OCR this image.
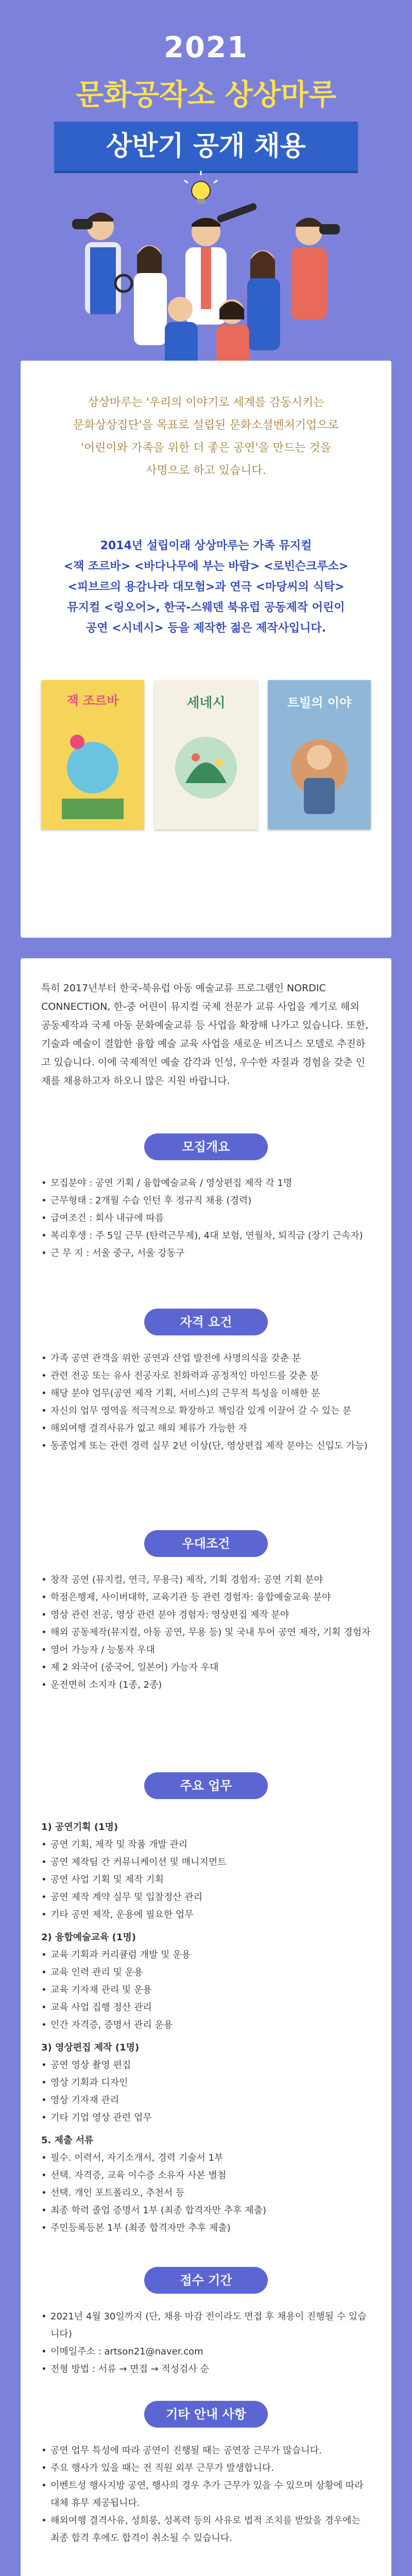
2021
문화공작소 상상마루
상반기 공개 채용
상상마루는 '우리의 이야기로 세계를 감동시키는
문화상상집단'을 목표로 설립된 문화소셜벤처기업으로
'어린이와 가족을 위한 더 좋은 공연'을 만드는 것을
사명으로 하고 있습니다.
2014년 설립이래 상상마루는 가족 뮤지컬
<잭 조르바> <바다나무에 부는 바람> <로빈슨크루소>
<피브르의 용감나라 대모험>과 연극 <마당씨의 식탁>
뮤지컬 <링오어>, 한국-스웨덴 북유럽 공동제작 어린이
공연 <시네시> 등을 제작한 젊은 제작사입니다.
잭 조르바	세네시	트빌의 이야
특히 2017년부터 한국-북유럽 아동 예술교류 프로그램인 NORDIC CONNECTION, 한-중 어린이 뮤지컬 국제 전문가 교류 사업을 계기로 해외 공동제작과 국제 아동 문화예술교류 등 사업을 확장해 나가고 있습니다. 또한, 기술과 예술이 결합한 융합 예술 교육 사업을 새로운 비즈니스 모델로 추진하고 있습니다. 이에 국제적인 예술 감각과 인성, 우수한 자질과 경험을 갖춘 인재를 채용하고자 하오니 많은 지원 바랍니다.
모집개요
• 모집분야 : 공연 기획 / 융합예술교육 / 영상편집 제작 각 1명
• 근무형태 : 2개월 수습 인턴 후 정규직 채용 (경력)
• 급여조건 : 회사 내규에 따름
• 복리후생 : 주 5일 근무 (탄력근무제), 4대 보험, 연월차, 퇴직금 (장기 근속자)
• 근 무 지 : 서울 중구, 서울 강동구
자격 요건
• 가족 공연 관객을 위한 공연과 산업 발전에 사명의식을 갖춘 분
• 관련 전공 또는 유사 전공자로 친화력과 공정적인 마인드를 갖춘 분
• 해당 분야 업무(공연 제작 기획, 서비스)의 근무적 특성을 이해한 분
• 자신의 업무 영역을 적극적으로 확장하고 책임감 있게 이끌어 갈 수 있는 분
• 해외여행 결격사유가 없고 해외 체류가 가능한 자
• 동종업계 또는 관련 경력 실무 2년 이상(단, 영상편집 제작 분야는 신입도 가능)
우대조건
• 창작 공연 (뮤지컬, 연극, 무용극) 제작, 기획 경험자: 공연 기획 분야
• 학점은행제, 사이버대학, 교육기관 등 관련 경험자: 융합예술교육 분야
• 영상 관련 전공, 영상 관련 분야 경험자: 영상편집 제작 분야
• 해외 공동제작(뮤지컬, 아동 공연, 무용 등) 및 국내 투어 공연 제작, 기획 경험자
• 영어 가능자 / 능통자 우대
• 제 2 외국어 (중국어, 일본어) 가능자 우대
• 운전면허 소지자 (1종, 2종)
주요 업무
1) 공연기획 (1명)
• 공연 기획, 제작 및 작품 개발 관리
• 공연 제작팀 간 커뮤니케이션 및 매니지먼트
• 공연 사업 기획 및 제작 기획
• 공연 제작 계약 실무 및 입찰정산 관리
• 기타 공연 제작, 운용에 필요한 업무
2) 융합예술교육 (1명)
• 교육 기획과 커리큘럼 개발 및 운용
• 교육 인력 관리 및 운용
• 교육 기자재 관리 및 운용
• 교육 사업 집행 정산 관리
• 인간 자격증, 증명서 관리 운용
3) 영상편집 제작 (1명)
• 공연 영상 촬영 편집
• 영상 기획과 디자인
• 영상 기자재 관리
• 기타 기업 영상 관련 업무
5. 제출 서류
• 필수. 이력서, 자기소개서, 경력 기술서 1부
• 선택. 자격증, 교육 이수증 소유자 사본 별첨
• 선택. 개인 포트폴리오, 추천서 등
• 최종 학력 졸업 증명서 1부 (최종 합격자만 추후 제출)
• 주민등록등본 1부 (최종 합격자만 추후 제출)
접수 기간
• 2021년 4월 30일까지 (단, 채용 마감 전이라도 면접 후 채용이 진행될 수 있습니다)
• 이메일주소 : artson21@naver.com
• 전형 방법 : 서류 → 면접 → 적성검사 순
기타 안내 사항
• 공연 업무 특성에 따라 공연이 진행될 때는 공연장 근무가 많습니다.
• 주요 행사가 있을 때는 전 직원 외부 근무가 발생합니다.
• 이벤트성 행사지방 공연, 행사의 경우 추가 근무가 있을 수 있으며 상황에 따라 대체 휴무 제공됩니다.
• 해외여행 결격사유, 성희롱, 성폭력 등의 사유로 법적 조치를 받았을 경우에는 최종 합격 후에도 합격이 취소될 수 있습니다.
